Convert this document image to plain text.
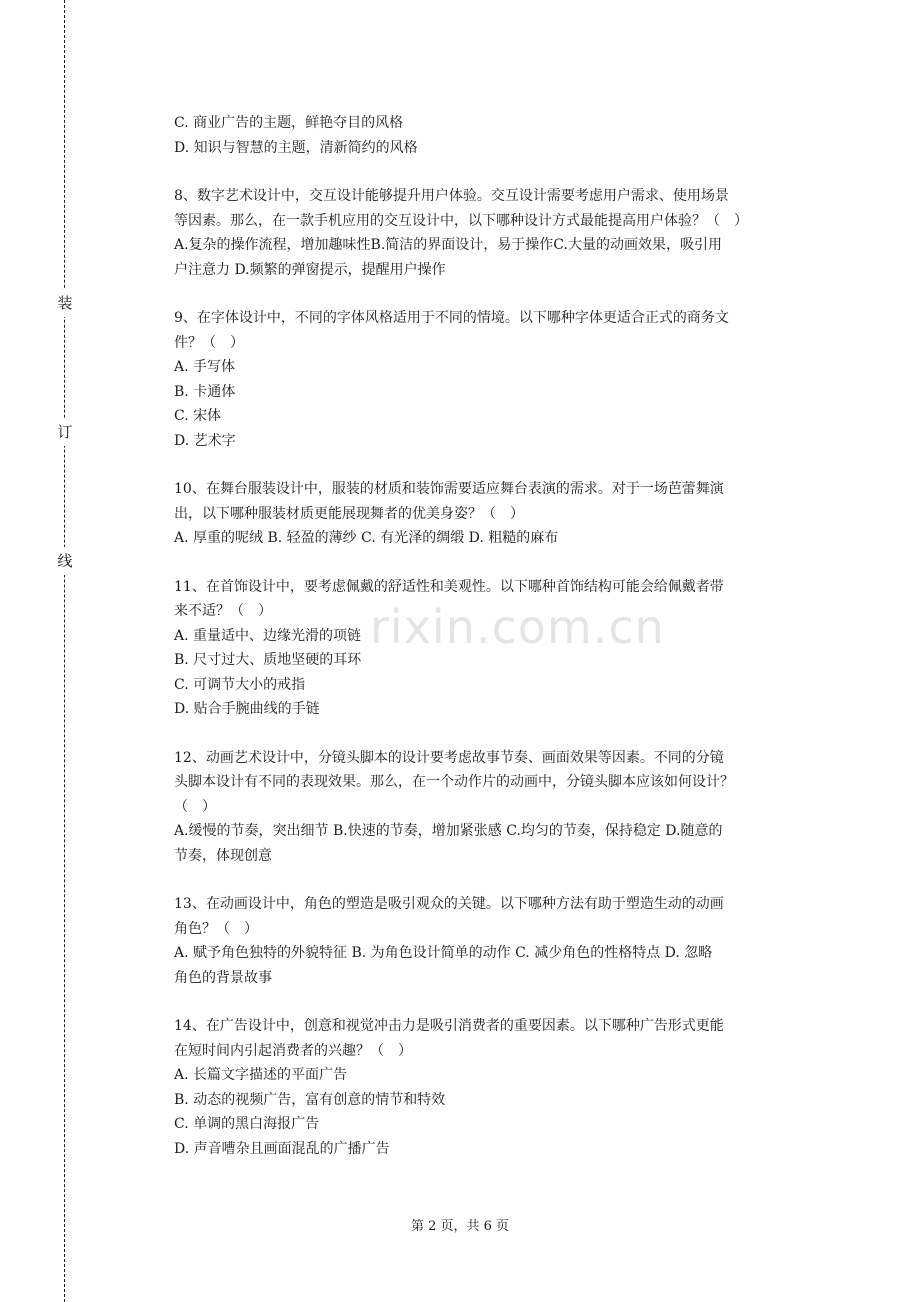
装
订
线

C. 商业广告的主题，鲜艳夺目的风格

D. 知识与智慧的主题，清新简约的风格

8、数字艺术设计中，交互设计能够提升用户体验。交互设计需要考虑用户需求、使用场景

等因素。那么，在一款手机应用的交互设计中，以下哪种设计方式最能提高用户体验？（　）

A.复杂的操作流程，增加趣味性B.简洁的界面设计，易于操作C.大量的动画效果，吸引用

户注意力 D.频繁的弹窗提示，提醒用户操作

9、在字体设计中，不同的字体风格适用于不同的情境。以下哪种字体更适合正式的商务文

件？（　）

A. 手写体

B. 卡通体

C. 宋体

D. 艺术字

10、在舞台服装设计中，服装的材质和装饰需要适应舞台表演的需求。对于一场芭蕾舞演

出，以下哪种服装材质更能展现舞者的优美身姿？（　）

A. 厚重的呢绒 B. 轻盈的薄纱 C. 有光泽的绸缎 D. 粗糙的麻布

11、在首饰设计中，要考虑佩戴的舒适性和美观性。以下哪种首饰结构可能会给佩戴者带

来不适？（　）

A. 重量适中、边缘光滑的项链

B. 尺寸过大、质地坚硬的耳环

C. 可调节大小的戒指

D. 贴合手腕曲线的手链

12、动画艺术设计中，分镜头脚本的设计要考虑故事节奏、画面效果等因素。不同的分镜

头脚本设计有不同的表现效果。那么，在一个动作片的动画中，分镜头脚本应该如何设计？

（　）

A.缓慢的节奏，突出细节 B.快速的节奏，增加紧张感 C.均匀的节奏，保持稳定 D.随意的

节奏，体现创意

13、在动画设计中，角色的塑造是吸引观众的关键。以下哪种方法有助于塑造生动的动画

角色？（　）

A. 赋予角色独特的外貌特征 B. 为角色设计简单的动作 C. 减少角色的性格特点 D. 忽略

角色的背景故事

14、在广告设计中，创意和视觉冲击力是吸引消费者的重要因素。以下哪种广告形式更能

在短时间内引起消费者的兴趣？（　）

A. 长篇文字描述的平面广告

B. 动态的视频广告，富有创意的情节和特效

C. 单调的黑白海报广告

D. 声音嘈杂且画面混乱的广播广告

rixin.com.cn
第 2 页，共 6 页
